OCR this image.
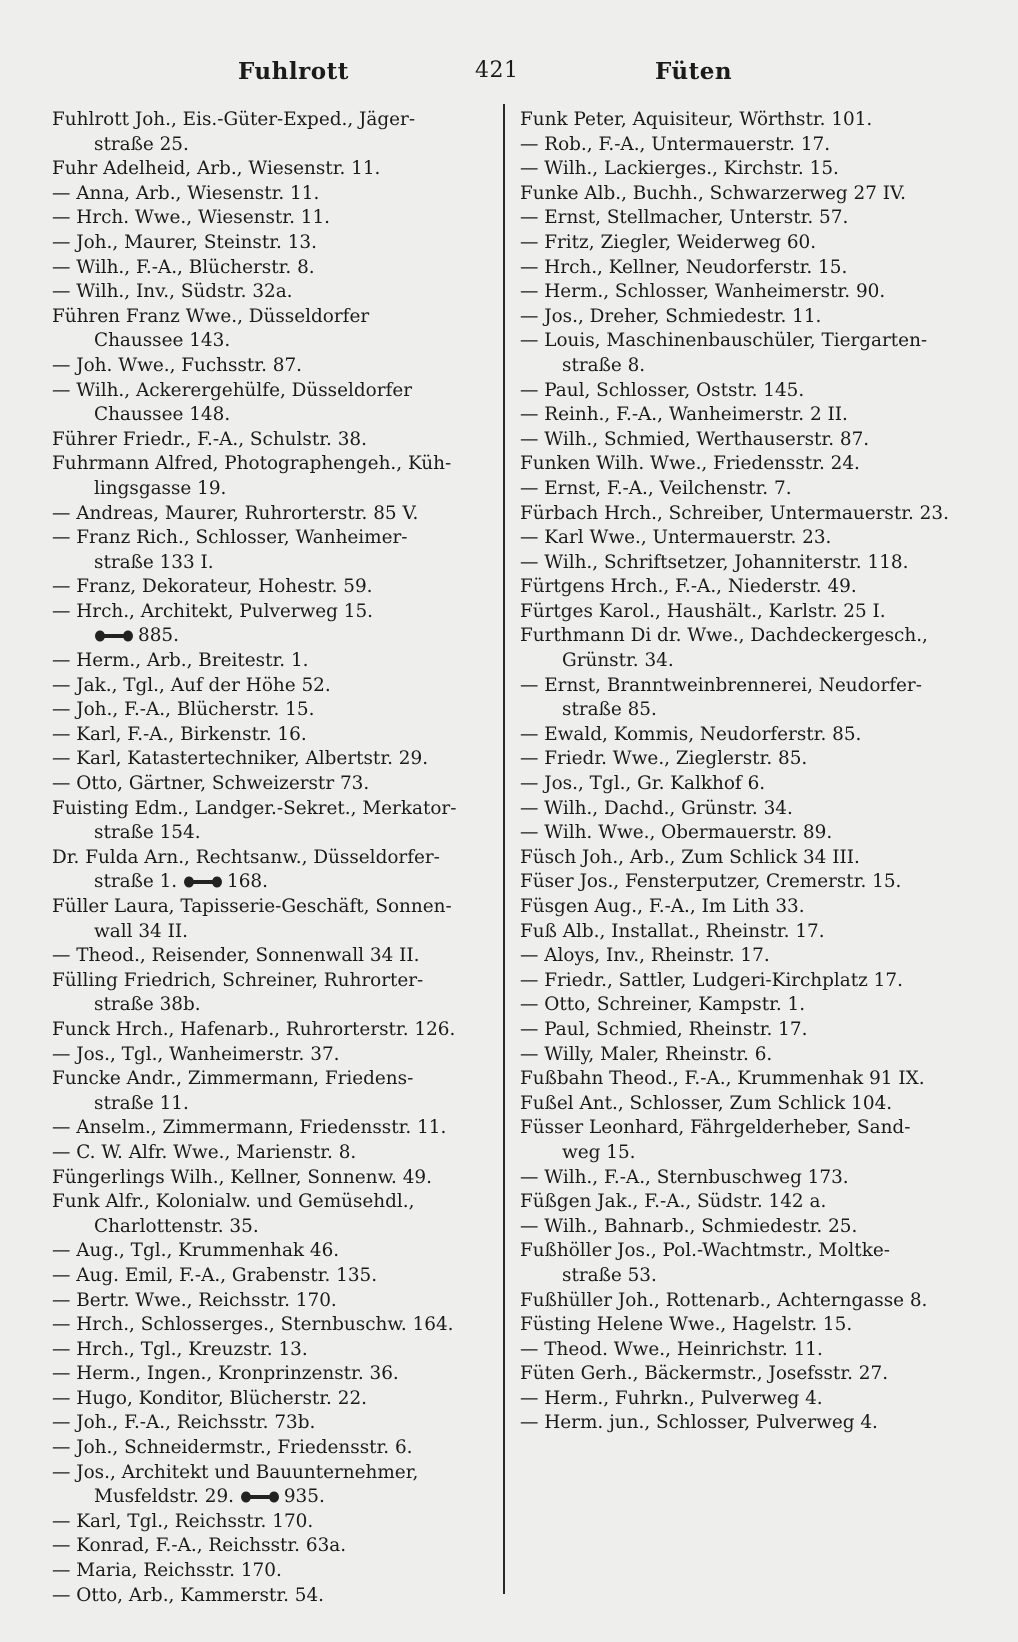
Fuhlrott	421	Füten
Fuhlrott Joh., Eis.-Güter-Exped., Jäger-
straße 25.
Fuhr Adelheid, Arb., Wiesenstr. 11.
— Anna, Arb., Wiesenstr. 11.
— Hrch. Wwe., Wiesenstr. 11.
— Joh., Maurer, Steinstr. 13.
— Wilh., F.-A., Blücherstr. 8.
— Wilh., Inv., Südstr. 32a.
Führen Franz Wwe., Düsseldorfer
Chaussee 143.
— Joh. Wwe., Fuchsstr. 87.
— Wilh., Ackerergehülfe, Düsseldorfer
Chaussee 148.
Führer Friedr., F.-A., Schulstr. 38.
Fuhrmann Alfred, Photographengeh., Küh-
lingsgasse 19.
— Andreas, Maurer, Ruhrorterstr. 85 V.
— Franz Rich., Schlosser, Wanheimer-
straße 133 I.
— Franz, Dekorateur, Hohestr. 59.
— Hrch., Architekt, Pulverweg 15.
885.
— Herm., Arb., Breitestr. 1.
— Jak., Tgl., Auf der Höhe 52.
— Joh., F.-A., Blücherstr. 15.
— Karl, F.-A., Birkenstr. 16.
— Karl, Katastertechniker, Albertstr. 29.
— Otto, Gärtner, Schweizerstr 73.
Fuisting Edm., Landger.-Sekret., Merkator-
straße 154.
Dr. Fulda Arn., Rechtsanw., Düsseldorfer-
straße 1. 168.
Füller Laura, Tapisserie-Geschäft, Sonnen-
wall 34 II.
— Theod., Reisender, Sonnenwall 34 II.
Fülling Friedrich, Schreiner, Ruhrorter-
straße 38b.
Funck Hrch., Hafenarb., Ruhrorterstr. 126.
— Jos., Tgl., Wanheimerstr. 37.
Funcke Andr., Zimmermann, Friedens-
straße 11.
— Anselm., Zimmermann, Friedensstr. 11.
— C. W. Alfr. Wwe., Marienstr. 8.
Füngerlings Wilh., Kellner, Sonnenw. 49.
Funk Alfr., Kolonialw. und Gemüsehdl.,
Charlottenstr. 35.
— Aug., Tgl., Krummenhak 46.
— Aug. Emil, F.-A., Grabenstr. 135.
— Bertr. Wwe., Reichsstr. 170.
— Hrch., Schlosserges., Sternbuschw. 164.
— Hrch., Tgl., Kreuzstr. 13.
— Herm., Ingen., Kronprinzenstr. 36.
— Hugo, Konditor, Blücherstr. 22.
— Joh., F.-A., Reichsstr. 73b.
— Joh., Schneidermstr., Friedensstr. 6.
— Jos., Architekt und Bauunternehmer,
Musfeldstr. 29. 935.
— Karl, Tgl., Reichsstr. 170.
— Konrad, F.-A., Reichsstr. 63a.
— Maria, Reichsstr. 170.
— Otto, Arb., Kammerstr. 54.
Funk Peter, Aquisiteur, Wörthstr. 101.
— Rob., F.-A., Untermauerstr. 17.
— Wilh., Lackierges., Kirchstr. 15.
Funke Alb., Buchh., Schwarzerweg 27 IV.
— Ernst, Stellmacher, Unterstr. 57.
— Fritz, Ziegler, Weiderweg 60.
— Hrch., Kellner, Neudorferstr. 15.
— Herm., Schlosser, Wanheimerstr. 90.
— Jos., Dreher, Schmiedestr. 11.
— Louis, Maschinenbauschüler, Tiergarten-
straße 8.
— Paul, Schlosser, Oststr. 145.
— Reinh., F.-A., Wanheimerstr. 2 II.
— Wilh., Schmied, Werthauserstr. 87.
Funken Wilh. Wwe., Friedensstr. 24.
— Ernst, F.-A., Veilchenstr. 7.
Fürbach Hrch., Schreiber, Untermauerstr. 23.
— Karl Wwe., Untermauerstr. 23.
— Wilh., Schriftsetzer, Johanniterstr. 118.
Fürtgens Hrch., F.-A., Niederstr. 49.
Fürtges Karol., Haushält., Karlstr. 25 I.
Furthmann Di dr. Wwe., Dachdeckergesch.,
Grünstr. 34.
— Ernst, Branntweinbrennerei, Neudorfer-
straße 85.
— Ewald, Kommis, Neudorferstr. 85.
— Friedr. Wwe., Zieglerstr. 85.
— Jos., Tgl., Gr. Kalkhof 6.
— Wilh., Dachd., Grünstr. 34.
— Wilh. Wwe., Obermauerstr. 89.
Füsch Joh., Arb., Zum Schlick 34 III.
Füser Jos., Fensterputzer, Cremerstr. 15.
Füsgen Aug., F.-A., Im Lith 33.
Fuß Alb., Installat., Rheinstr. 17.
— Aloys, Inv., Rheinstr. 17.
— Friedr., Sattler, Ludgeri-Kirchplatz 17.
— Otto, Schreiner, Kampstr. 1.
— Paul, Schmied, Rheinstr. 17.
— Willy, Maler, Rheinstr. 6.
Fußbahn Theod., F.-A., Krummenhak 91 IX.
Fußel Ant., Schlosser, Zum Schlick 104.
Füsser Leonhard, Fährgelderheber, Sand-
weg 15.
— Wilh., F.-A., Sternbuschweg 173.
Füßgen Jak., F.-A., Südstr. 142 a.
— Wilh., Bahnarb., Schmiedestr. 25.
Fußhöller Jos., Pol.-Wachtmstr., Moltke-
straße 53.
Fußhüller Joh., Rottenarb., Achterngasse 8.
Füsting Helene Wwe., Hagelstr. 15.
— Theod. Wwe., Heinrichstr. 11.
Füten Gerh., Bäckermstr., Josefsstr. 27.
— Herm., Fuhrkn., Pulverweg 4.
— Herm. jun., Schlosser, Pulverweg 4.
